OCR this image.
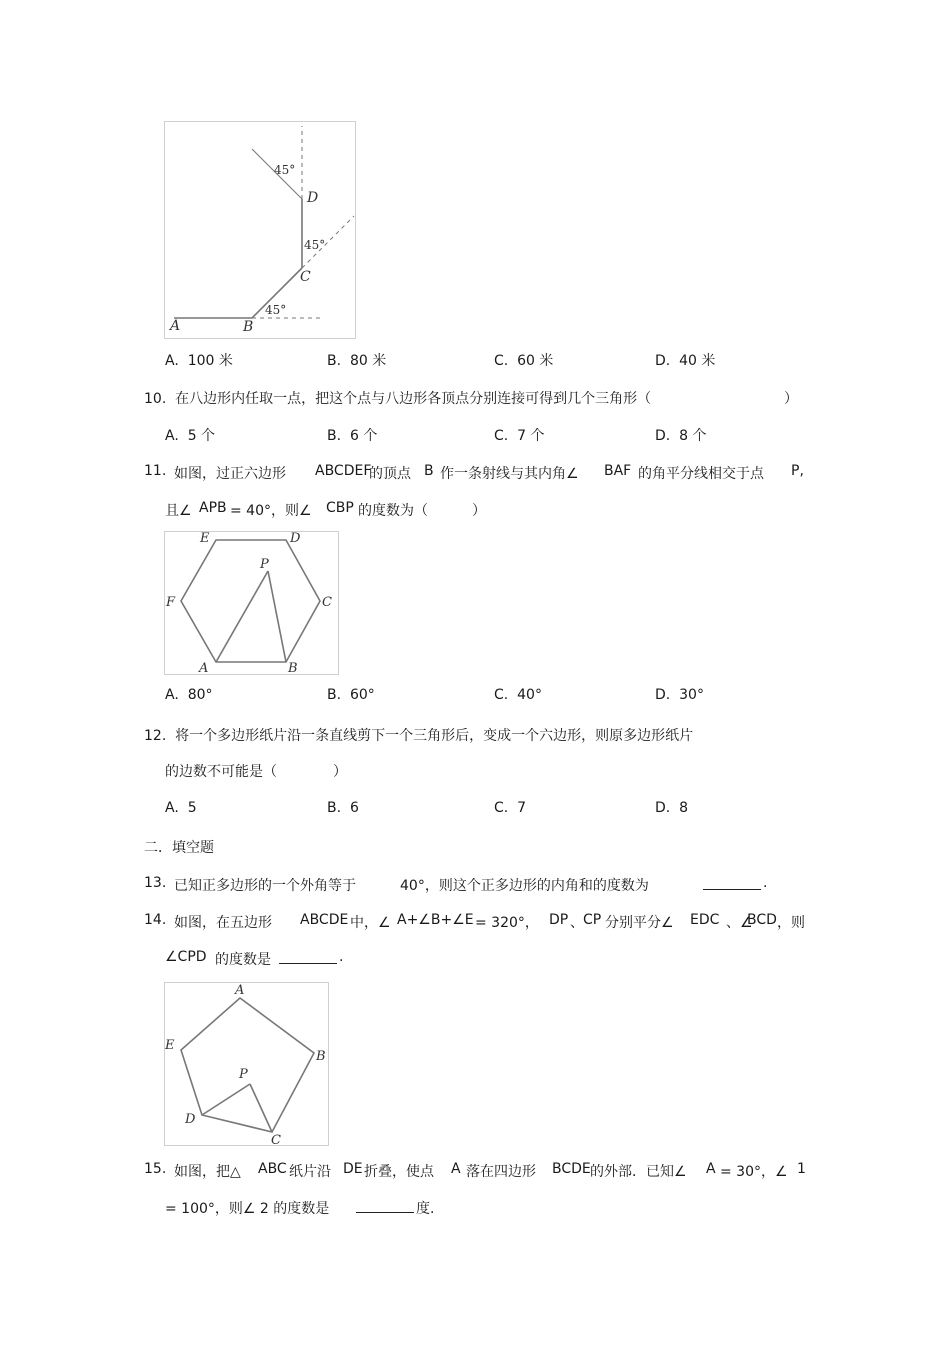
A	B
C
D
45°
45°
45°
A. 100 米	B. 80 米	C. 60 米	D. 40 米
10. 在八边形内任取一点，把这个点与八边形各顶点分别连接可得到几个三角形（	）
A. 5 个	B. 6 个	C. 7 个	D. 8 个
11. 如图，过正六边形 ABCDEF
的顶点 B 作一条射线与其内角∠ BAF 的角平分线相交于点 P,
且∠ APB = 40°，则∠ CBP 的度数为（	）
E	D
C
F
A	B
P
A. 80°	B. 60°	C. 40°	D. 30°
12. 将一个多边形纸片沿一条直线剪下一个三角形后，变成一个六边形，则原多边形纸片
的边数不可能是（	）
A. 5	B. 6	C. 7	D. 8
二．填空题
13. 已知正多边形的一个外角等于	40°，则这个正多边形的内角和的度数为	.
14. 如图，在五边形 ABCDE 中，∠ A+∠B+∠E = 320°， DP 、 CP 分别平分∠ EDC 、∠
BCD ，则
∠CPD 的度数是	.
A
B
C
D
E
P
15. 如图，把△ ABC 纸片沿 DE 折叠，使点 A 落在四边形 BCDE 的外部．已知∠ A = 30°，∠ 1
= 100°，则∠ 2 的度数是	度.
